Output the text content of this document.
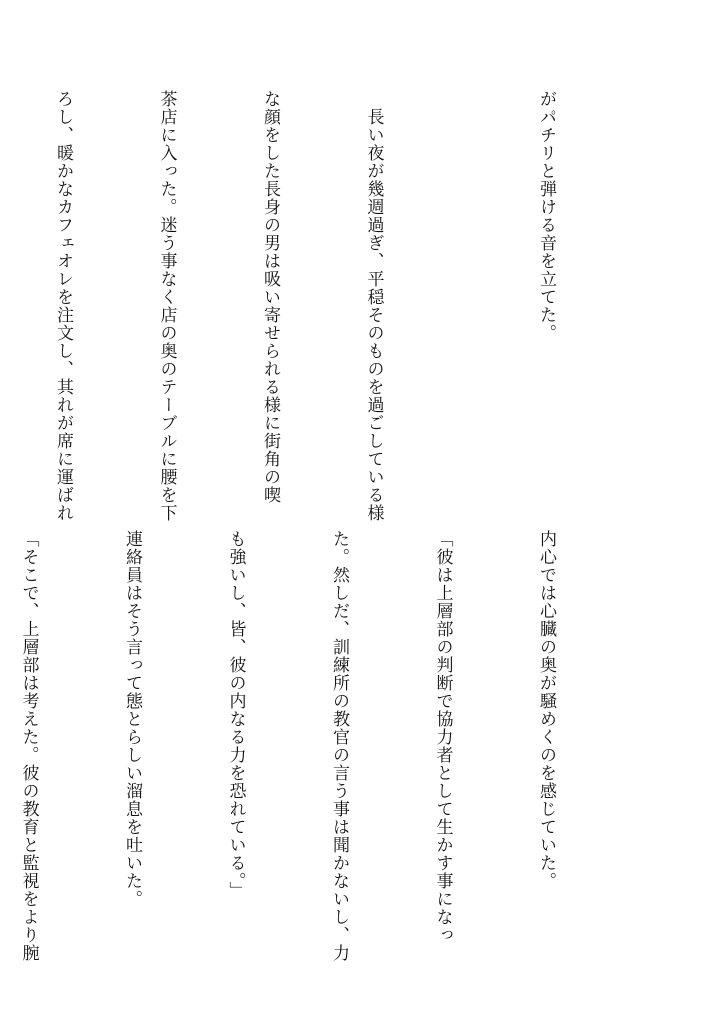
がパチリと弾ける音を立てた。

　長い夜が幾週過ぎ、平穏そのものを過ごしている様

な顔をした長身の男は吸い寄せられる様に街角の喫

茶店に入った。迷う事なく店の奥のテーブルに腰を下

ろし、暖かなカフェオレを注文し、其れが席に運ばれ

内心では心臓の奥が騒めくのを感じていた。

「彼は上層部の判断で協力者として生かす事になっ

た。然しだ、訓練所の教官の言う事は聞かないし、力

も強いし、皆、彼の内なる力を恐れている。」

連絡員はそう言って態とらしい溜息を吐いた。

「そこで、上層部は考えた。彼の教育と監視をより腕
